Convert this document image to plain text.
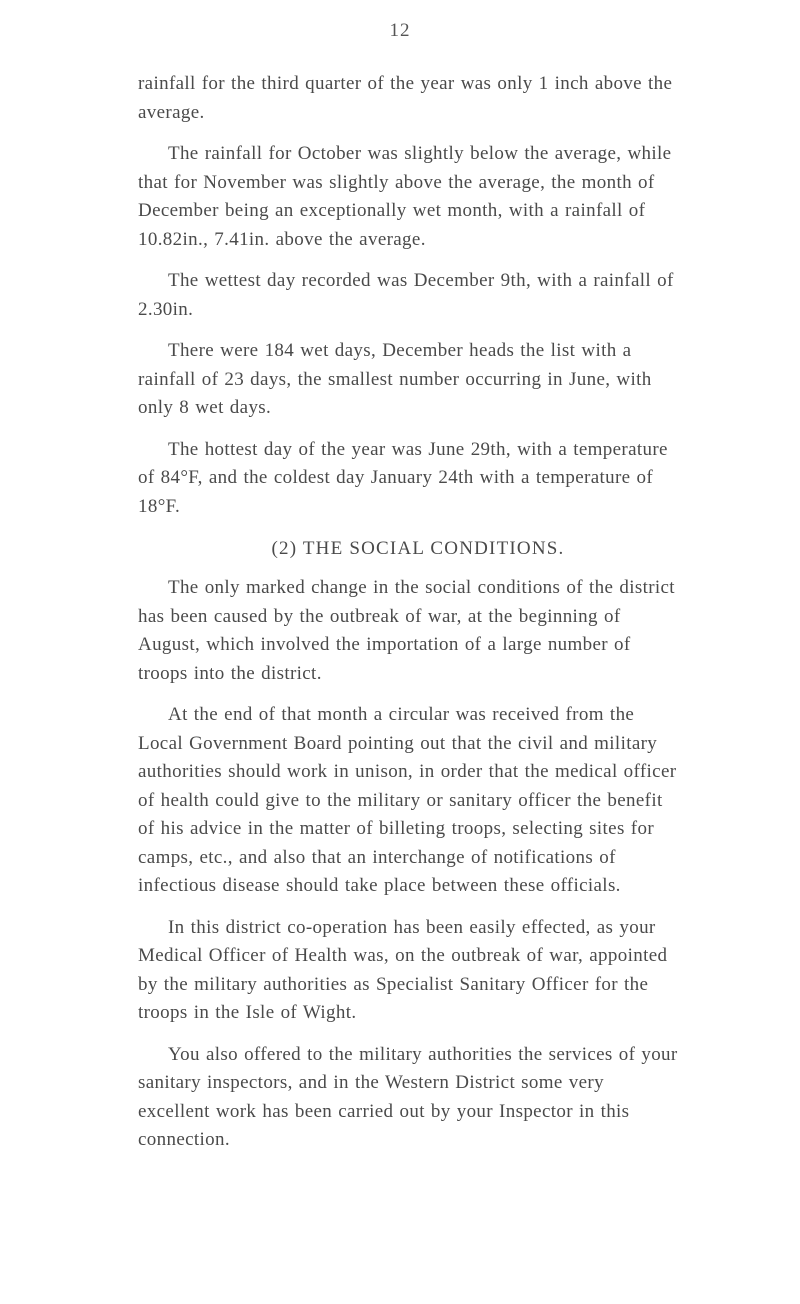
12

rainfall for the third quarter of the year was only 1 inch above the average.

The rainfall for October was slightly below the average, while that for November was slightly above the average, the month of December being an exceptionally wet month, with a rainfall of 10.82in., 7.41in. above the average.

The wettest day recorded was December 9th, with a rainfall of 2.30in.

There were 184 wet days, December heads the list with a rainfall of 23 days, the smallest number occurring in June, with only 8 wet days.

The hottest day of the year was June 29th, with a temperature of 84°F, and the coldest day January 24th with a temperature of 18°F.

(2) THE SOCIAL CONDITIONS.

The only marked change in the social conditions of the district has been caused by the outbreak of war, at the beginning of August, which involved the importation of a large number of troops into the district.

At the end of that month a circular was received from the Local Government Board pointing out that the civil and military authorities should work in unison, in order that the medical officer of health could give to the military or sanitary officer the benefit of his advice in the matter of billeting troops, selecting sites for camps, etc., and also that an interchange of notifications of infectious disease should take place between these officials.

In this district co-operation has been easily effected, as your Medical Officer of Health was, on the outbreak of war, appointed by the military authorities as Specialist Sanitary Officer for the troops in the Isle of Wight.

You also offered to the military authorities the services of your sanitary inspectors, and in the Western District some very excellent work has been carried out by your Inspector in this connection.
